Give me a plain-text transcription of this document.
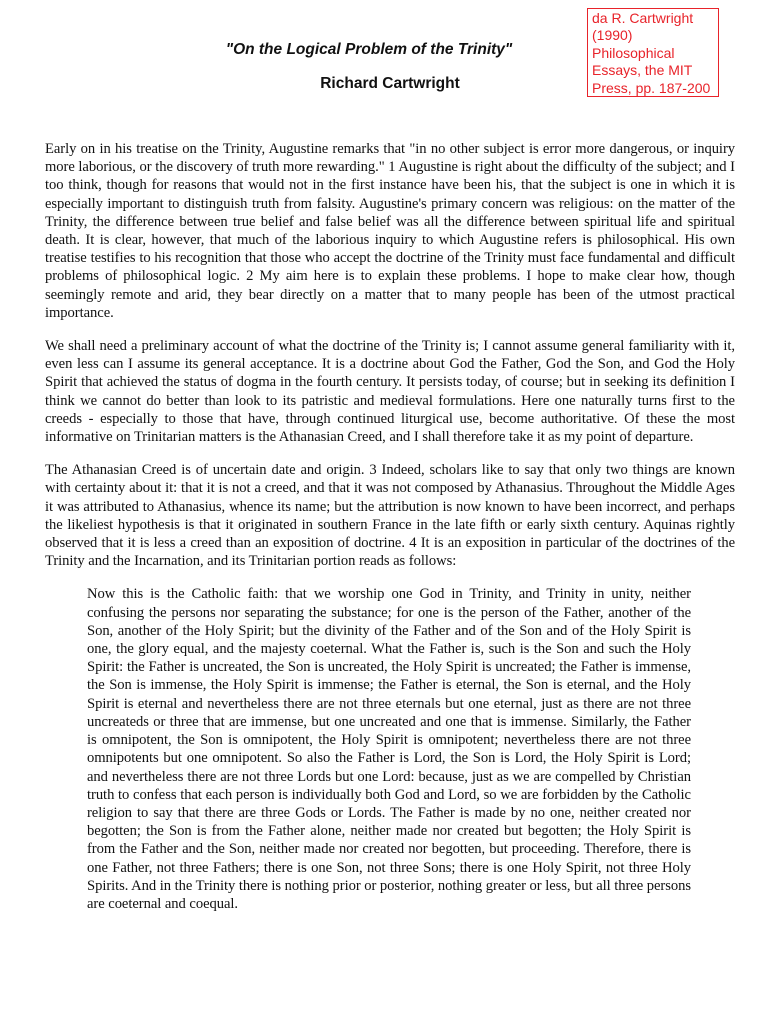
da R. Cartwright (1990) Philosophical Essays, the MIT Press, pp. 187-200
"On the Logical Problem of the Trinity"
Richard Cartwright

Early on in his treatise on the Trinity, Augustine remarks that "in no other subject is error more dangerous, or inquiry more laborious, or the discovery of truth more rewarding." 1 Augustine is right about the difficulty of the subject; and I too think, though for reasons that would not in the first instance have been his, that the subject is one in which it is especially important to distinguish truth from falsity. Augustine's primary concern was religious: on the matter of the Trinity, the difference between true belief and false belief was all the difference between spiritual life and spiritual death. It is clear, however, that much of the laborious inquiry to which Augustine refers is philosophical. His own treatise testifies to his recognition that those who accept the doctrine of the Trinity must face fundamental and difficult problems of philosophical logic. 2 My aim here is to explain these problems. I hope to make clear how, though seemingly remote and arid, they bear directly on a matter that to many people has been of the utmost practical importance.

We shall need a preliminary account of what the doctrine of the Trinity is; I cannot assume general familiarity with it, even less can I assume its general acceptance. It is a doctrine about God the Father, God the Son, and God the Holy Spirit that achieved the status of dogma in the fourth century. It persists today, of course; but in seeking its definition I think we cannot do better than look to its patristic and medieval formulations. Here one naturally turns first to the creeds - especially to those that have, through continued liturgical use, become authoritative. Of these the most informative on Trinitarian matters is the Athanasian Creed, and I shall therefore take it as my point of departure.

The Athanasian Creed is of uncertain date and origin. 3 Indeed, scholars like to say that only two things are known with certainty about it: that it is not a creed, and that it was not composed by Athanasius. Throughout the Middle Ages it was attributed to Athanasius, whence its name; but the attribution is now known to have been incorrect, and perhaps the likeliest hypothesis is that it originated in southern France in the late fifth or early sixth century. Aquinas rightly observed that it is less a creed than an exposition of doctrine. 4 It is an exposition in particular of the doctrines of the Trinity and the Incarnation, and its Trinitarian portion reads as follows:

Now this is the Catholic faith: that we worship one God in Trinity, and Trinity in unity, neither confusing the persons nor separating the substance; for one is the person of the Father, another of the Son, another of the Holy Spirit; but the divinity of the Father and of the Son and of the Holy Spirit is one, the glory equal, and the majesty coeternal. What the Father is, such is the Son and such the Holy Spirit: the Father is uncreated, the Son is uncreated, the Holy Spirit is uncreated; the Father is immense, the Son is immense, the Holy Spirit is immense; the Father is eternal, the Son is eternal, and the Holy Spirit is eternal and nevertheless there are not three eternals but one eternal, just as there are not three uncreateds or three that are immense, but one uncreated and one that is immense. Similarly, the Father is omnipotent, the Son is omnipotent, the Holy Spirit is omnipotent; nevertheless there are not three omnipotents but one omnipotent. So also the Father is Lord, the Son is Lord, the Holy Spirit is Lord; and nevertheless there are not three Lords but one Lord: because, just as we are compelled by Christian truth to confess that each person is individually both God and Lord, so we are forbidden by the Catholic religion to say that there are three Gods or Lords. The Father is made by no one, neither created nor begotten; the Son is from the Father alone, neither made nor created but begotten; the Holy Spirit is from the Father and the Son, neither made nor created nor begotten, but proceeding. Therefore, there is one Father, not three Fathers; there is one Son, not three Sons; there is one Holy Spirit, not three Holy Spirits. And in the Trinity there is nothing prior or posterior, nothing greater or less, but all three persons are coeternal and coequal.
